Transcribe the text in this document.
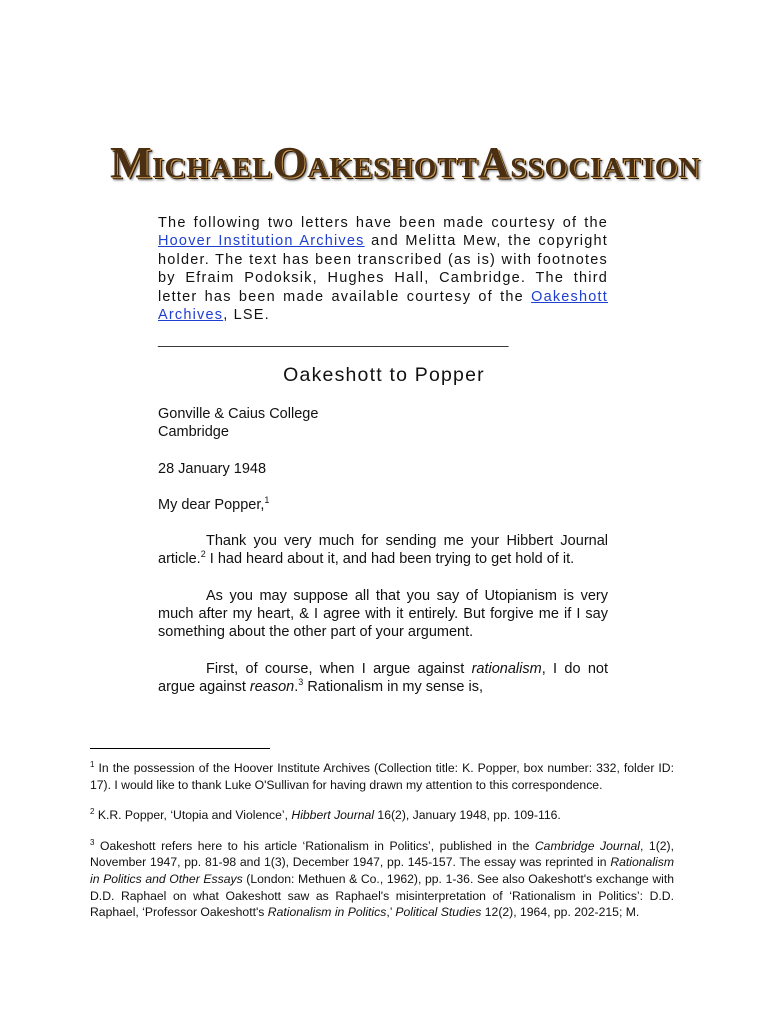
MICHAELOAKESHOTTASSOCIATION
The following two letters have been made courtesy of the Hoover Institution Archives and Melitta Mew, the copyright holder. The text has been transcribed (as is) with footnotes by Efraim Podoksik, Hughes Hall, Cambridge. The third letter has been made available courtesy of the Oakeshott Archives, LSE.
_____________________________________________
Oakeshott to Popper

Gonville & Caius College

Cambridge

28 January 1948

My dear Popper,$^1$

Thank you very much for sending me your Hibbert Journal article.$^2$ I had heard about it, and had been trying to get hold of it.

As you may suppose all that you say of Utopianism is very much after my heart, & I agree with it entirely. But forgive me if I say something about the other part of your argument.

First, of course, when I argue against rationalism, I do not argue against reason.$^3$ Rationalism in my sense is,

$^1$ In the possession of the Hoover Institute Archives (Collection title: K. Popper, box number: 332, folder ID: 17). I would like to thank Luke O'Sullivan for having drawn my attention to this correspondence.

$^2$ K.R. Popper, ‘Utopia and Violence’, Hibbert Journal 16(2), January 1948, pp. 109-116.

$^3$ Oakeshott refers here to his article ‘Rationalism in Politics’, published in the Cambridge Journal, 1(2), November 1947, pp. 81-98 and 1(3), December 1947, pp. 145-157. The essay was reprinted in Rationalism in Politics and Other Essays (London: Methuen & Co., 1962), pp. 1-36. See also Oakeshott's exchange with D.D. Raphael on what Oakeshott saw as Raphael's misinterpretation of ‘Rationalism in Politics’: D.D. Raphael, ‘Professor Oakeshott's Rationalism in Politics,’ Political Studies 12(2), 1964, pp. 202-215; M.
